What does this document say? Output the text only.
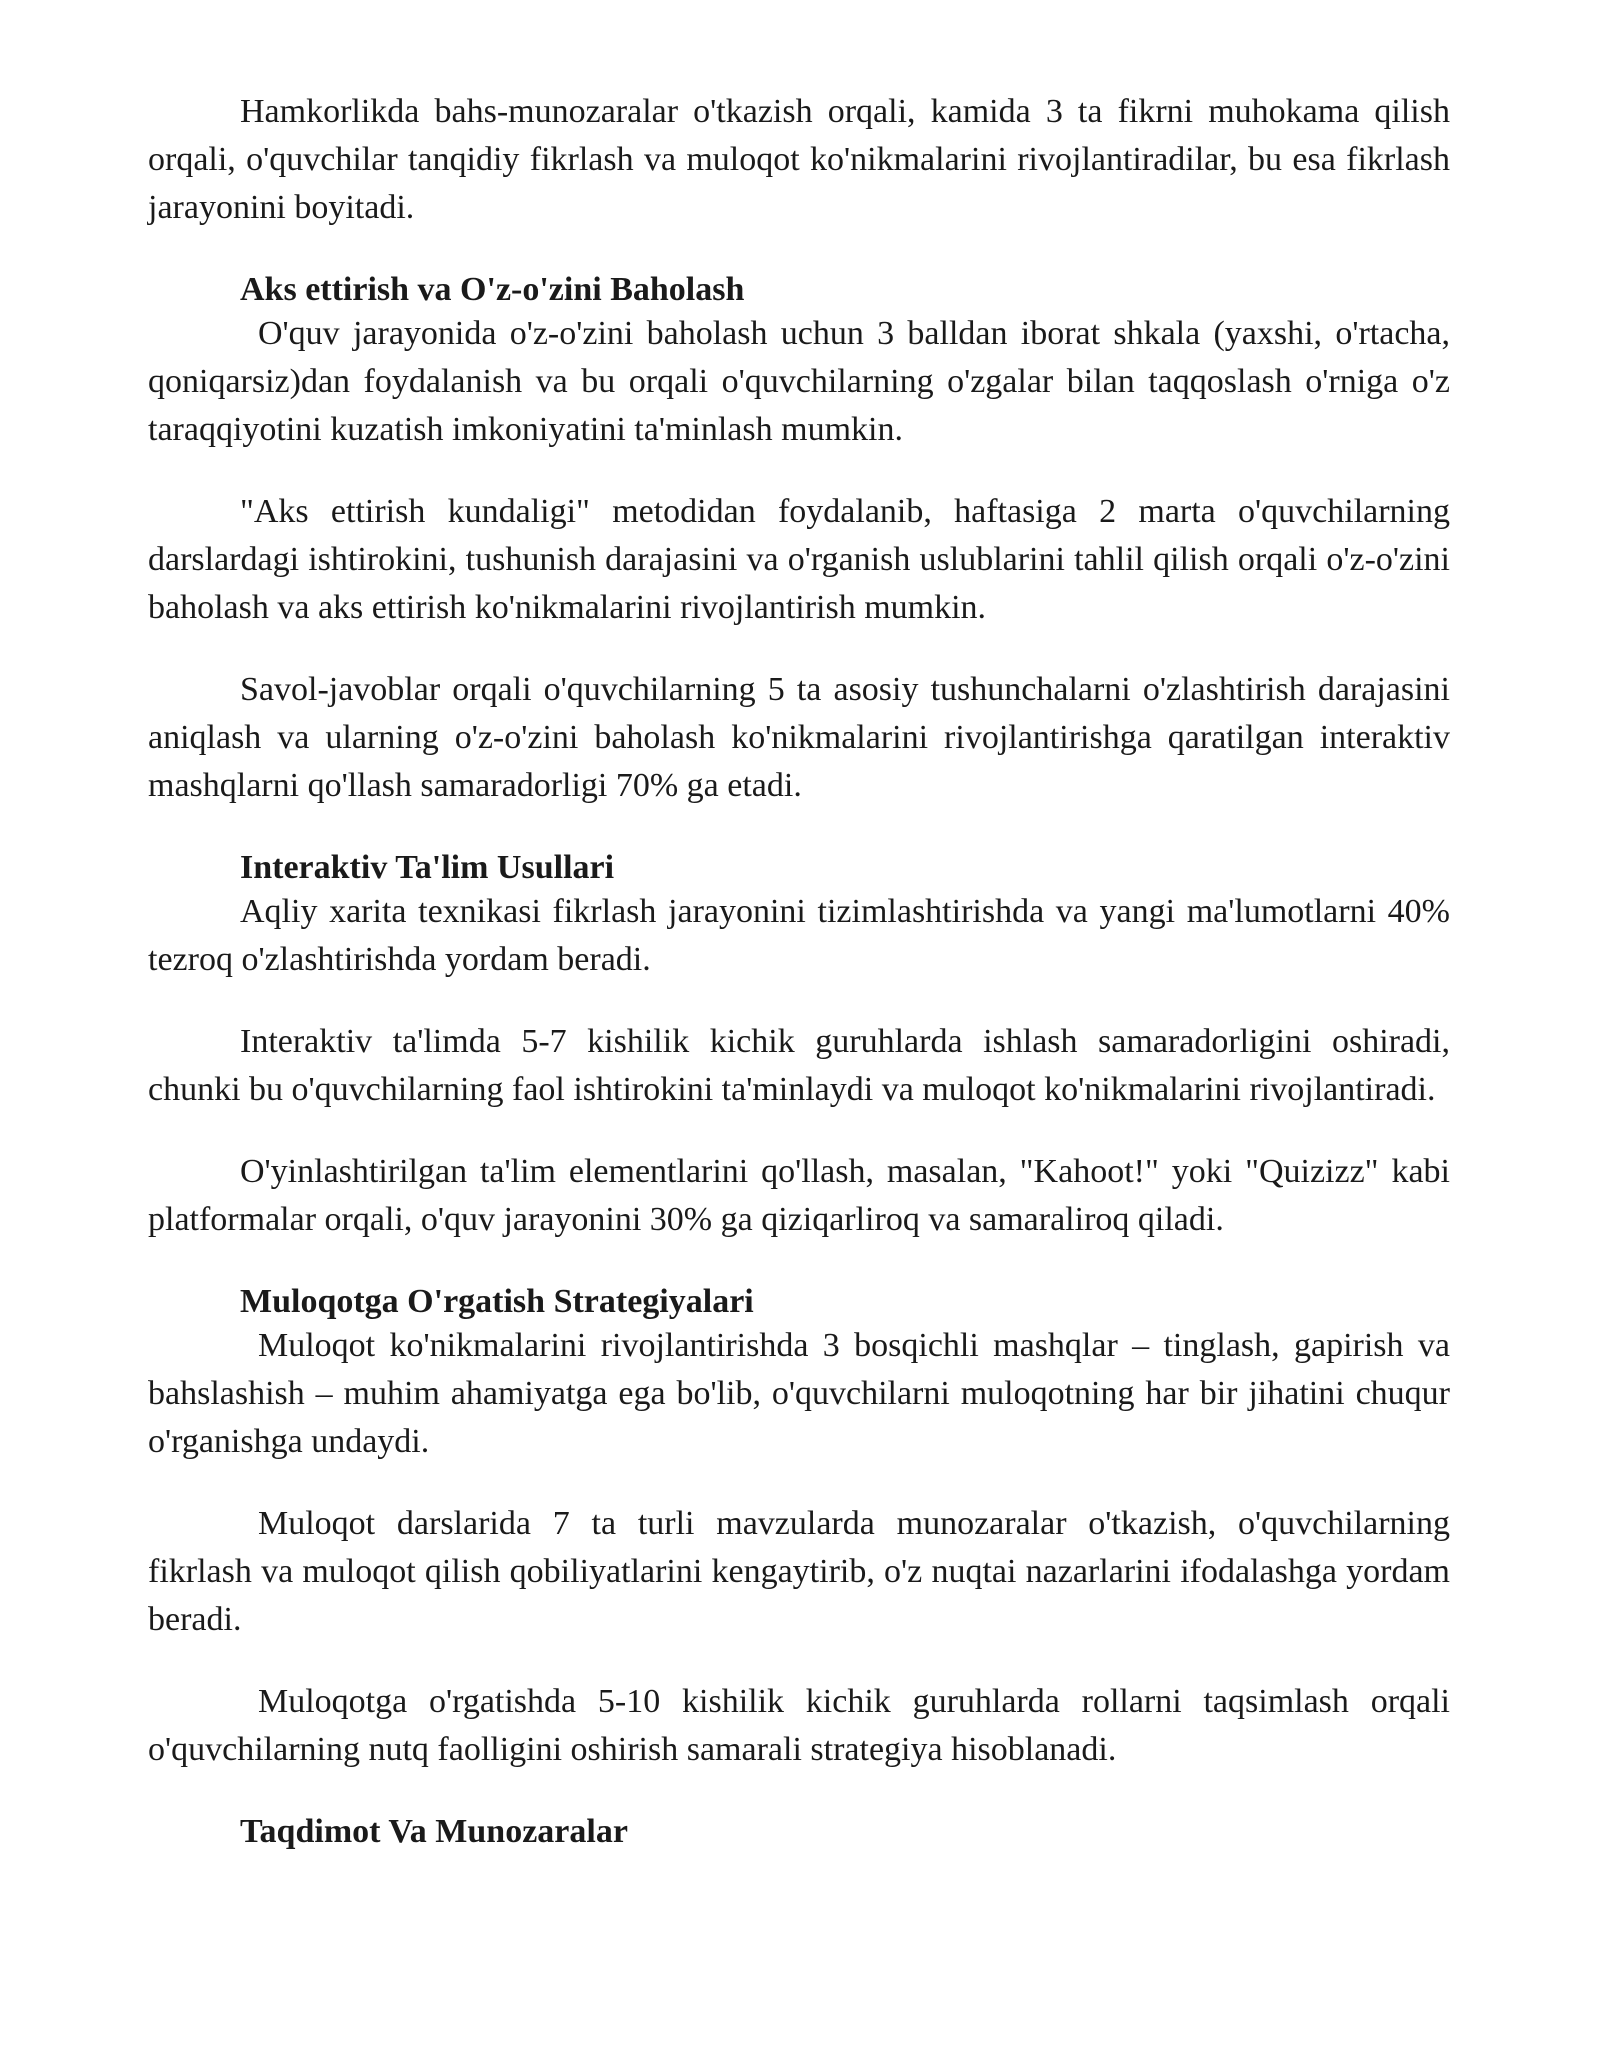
Hamkorlikda bahs-munozaralar o'tkazish orqali, kamida 3 ta fikrni muhokama qilish orqali, o'quvchilar tanqidiy fikrlash va muloqot ko'nikmalarini rivojlantiradilar, bu esa fikrlash jarayonini boyitadi.

Aks ettirish va O'z-o'zini Baholash

O'quv jarayonida o'z-o'zini baholash uchun 3 balldan iborat shkala (yaxshi, o'rtacha, qoniqarsiz)dan foydalanish va bu orqali o'quvchilarning o'zgalar bilan taqqoslash o'rniga o'z taraqqiyotini kuzatish imkoniyatini ta'minlash mumkin.

"Aks ettirish kundaligi" metodidan foydalanib, haftasiga 2 marta o'quvchilarning darslardagi ishtirokini, tushunish darajasini va o'rganish uslublarini tahlil qilish orqali o'z-o'zini baholash va aks ettirish ko'nikmalarini rivojlantirish mumkin.

Savol-javoblar orqali o'quvchilarning 5 ta asosiy tushunchalarni o'zlashtirish darajasini aniqlash va ularning o'z-o'zini baholash ko'nikmalarini rivojlantirishga qaratilgan interaktiv mashqlarni qo'llash samaradorligi 70% ga etadi.

Interaktiv Ta'lim Usullari

Aqliy xarita texnikasi fikrlash jarayonini tizimlashtirishda va yangi ma'lumotlarni 40% tezroq o'zlashtirishda yordam beradi.

Interaktiv ta'limda 5-7 kishilik kichik guruhlarda ishlash samaradorligini oshiradi, chunki bu o'quvchilarning faol ishtirokini ta'minlaydi va muloqot ko'nikmalarini rivojlantiradi.

O'yinlashtirilgan ta'lim elementlarini qo'llash, masalan, "Kahoot!" yoki "Quizizz" kabi platformalar orqali, o'quv jarayonini 30% ga qiziqarliroq va samaraliroq qiladi.

Muloqotga O'rgatish Strategiyalari

Muloqot ko'nikmalarini rivojlantirishda 3 bosqichli mashqlar – tinglash, gapirish va bahslashish – muhim ahamiyatga ega bo'lib, o'quvchilarni muloqotning har bir jihatini chuqur o'rganishga undaydi.

Muloqot darslarida 7 ta turli mavzularda munozaralar o'tkazish, o'quvchilarning fikrlash va muloqot qilish qobiliyatlarini kengaytirib, o'z nuqtai nazarlarini ifodalashga yordam beradi.

Muloqotga o'rgatishda 5-10 kishilik kichik guruhlarda rollarni taqsimlash orqali o'quvchilarning nutq faolligini oshirish samarali strategiya hisoblanadi.

Taqdimot Va Munozaralar
